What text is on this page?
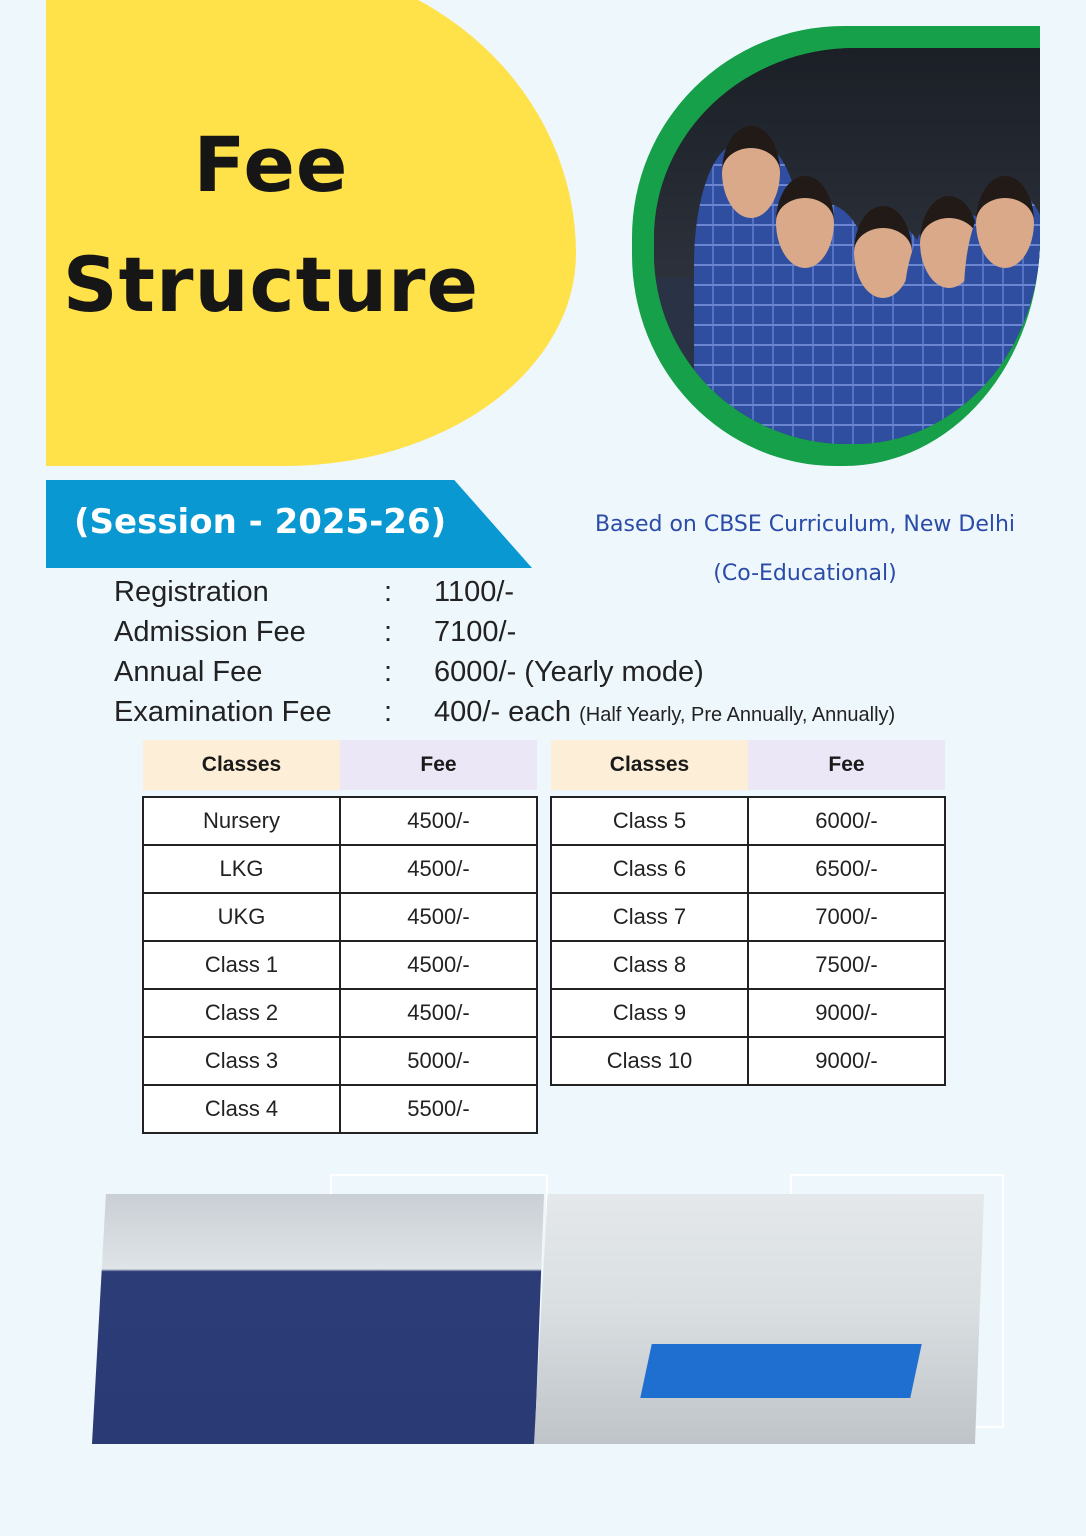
Fee
Structure
(Session - 2025-26)	Based on CBSE Curriculum, New Delhi
(Co-Educational)
Registration	: 1100/-
Admission Fee	: 7100/-
Annual Fee	: 6000/- (Yearly mode)
Examination Fee : 400/- each (Half Yearly, Pre Annually, Annually)
Classes	Fee

Nursery	4500/-
LKG	4500/-
UKG	4500/-
Class 1	4500/-
Class 2	4500/-
Class 3	5000/-
Class 4	5500/-
Classes	Fee

Class 5	6000/-
Class 6	6500/-
Class 7	7000/-
Class 8	7500/-
Class 9	9000/-
Class 10	9000/-
